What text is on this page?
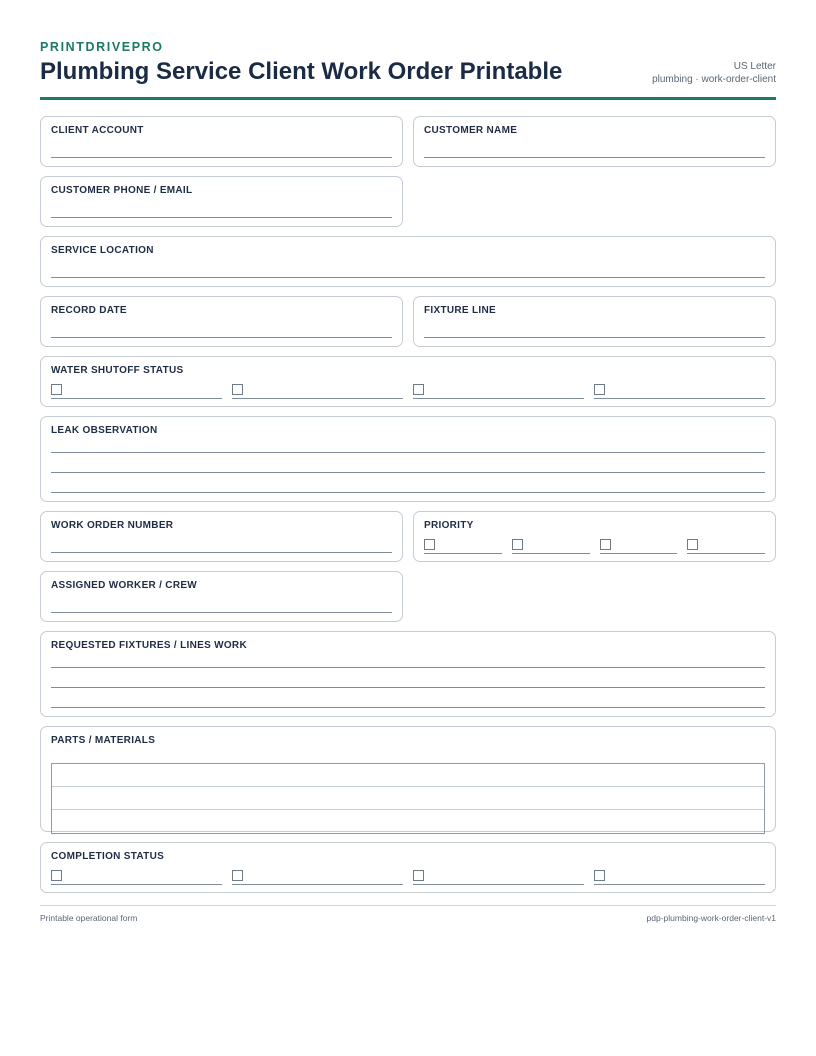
PRINTDRIVEPRO
Plumbing Service Client Work Order Printable	US Letter
plumbing · work-order-client
CLIENT ACCOUNT	CUSTOMER NAME
CUSTOMER PHONE / EMAIL
SERVICE LOCATION
RECORD DATE	FIXTURE LINE
WATER SHUTOFF STATUS
LEAK OBSERVATION
WORK ORDER NUMBER	PRIORITY
ASSIGNED WORKER / CREW
REQUESTED FIXTURES / LINES WORK
PARTS / MATERIALS
COMPLETION STATUS
Printable operational form	pdp-plumbing-work-order-client-v1
